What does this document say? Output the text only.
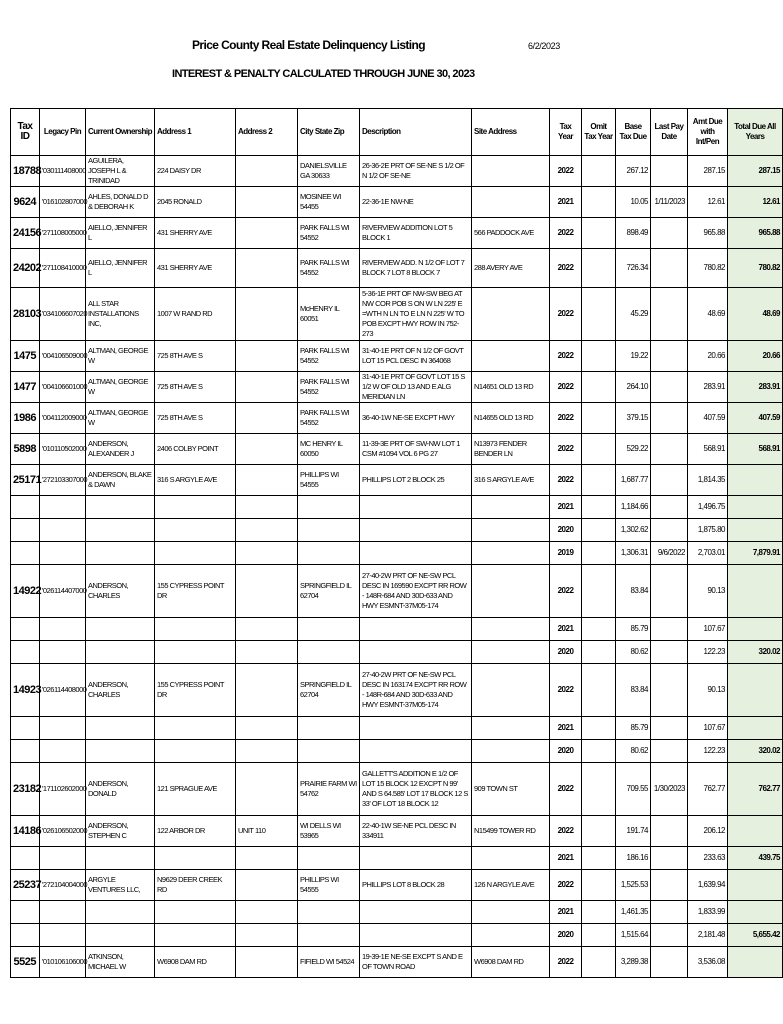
Price County Real Estate Delinquency Listing	6/2/2023
INTEREST & PENALTY CALCULATED THROUGH JUNE 30, 2023
Tax ID	Legacy Pin	Current Ownership	Address 1	Address 2	City State Zip	Description	Site Address	Tax Year	Omit Tax Year	Base Tax Due	Last Pay Date	Amt Due with Int/Pen	Total Due All Years
18788	'030111408000	AGUILERA, JOSEPH L & TRINIDAD	224 DAISY DR		DANIELSVILLE GA 30633	26-36-2E PRT OF SE-NE S 1/2 OF N 1/2 OF SE-NE		2022		267.12		287.15	287.15
9624	'016102807000	AHLES, DONALD D & DEBORAH K	2045 RONALD		MOSINEE WI 54455	22-36-1E NW-NE		2021		10.05	1/11/2023	12.61	12.61
24156	'271108005000	AIELLO, JENNIFER L	431 SHERRY AVE		PARK FALLS WI 54552	RIVERVIEW ADDITION LOT 5 BLOCK 1	566 PADDOCK AVE	2022		898.49		965.88	965.88
24202	'271108410000	AIELLO, JENNIFER L	431 SHERRY AVE		PARK FALLS WI 54552	RIVERVIEW ADD. N 1/2 OF LOT 7 BLOCK 7 LOT 8 BLOCK 7	288 AVERY AVE	2022		726.34		780.82	780.82
28103	'034106607020	ALL STAR INSTALLATIONS INC,	1007 W RAND RD		McHENRY IL 60051	5-36-1E PRT OF NW-SW BEG AT NW COR POB S ON W LN 225' E =WTH N LN TO E LN N 225' W TO POB EXCPT HWY ROW IN 752-273		2022		45.29		48.69	48.69
1475	'004106509000	ALTMAN, GEORGE W	725 8TH AVE S		PARK FALLS WI 54552	31-40-1E PRT OF N 1/2 OF GOVT LOT 15 PCL DESC IN 364068		2022		19.22		20.66	20.66
1477	'004106601000	ALTMAN, GEORGE W	725 8TH AVE S		PARK FALLS WI 54552	31-40-1E PRT OF GOVT LOT 15 S 1/2 W OF OLD 13 AND E ALG MERIDIAN LN	N14651 OLD 13 RD	2022		264.10		283.91	283.91
1986	'004112009000	ALTMAN, GEORGE W	725 8TH AVE S		PARK FALLS WI 54552	36-40-1W NE-SE EXCPT HWY	N14655 OLD 13 RD	2022		379.15		407.59	407.59
5898	'010110502000	ANDERSON, ALEXANDER J	2406 COLBY POINT		MC HENRY IL 60050	11-39-3E PRT OF SW-NW LOT 1 CSM #1094 VOL 6 PG 27	N13973 FENDER BENDER LN	2022		529.22		568.91	568.91
25171	'272103307000	ANDERSON, BLAKE & DAWN	316 S ARGYLE AVE		PHILLIPS WI 54555	PHILLIPS LOT 2 BLOCK 25	316 S ARGYLE AVE	2022		1,687.77		1,814.35	
								2021		1,184.66		1,496.75	
								2020		1,302.62		1,875.80	
								2019		1,306.31	9/6/2022	2,703.01	7,879.91
14922	'026114407000	ANDERSON, CHARLES	155 CYPRESS POINT DR		SPRINGFIELD IL 62704	27-40-2W PRT OF NE-SW PCL DESC IN 169590 EXCPT RR ROW - 148R-684 AND 30D-633 AND HWY ESMNT-37M05-174		2022		83.84		90.13	
								2021		85.79		107.67	
								2020		80.62		122.23	320.02
14923	'026114408000	ANDERSON, CHARLES	155 CYPRESS POINT DR		SPRINGFIELD IL 62704	27-40-2W PRT OF NE-SW PCL DESC IN 163174 EXCPT RR ROW - 148R-684 AND 30D-633 AND HWY ESMNT-37M05-174		2022		83.84		90.13	
								2021		85.79		107.67	
								2020		80.62		122.23	320.02
23182	'171102602000	ANDERSON, DONALD	121 SPRAGUE AVE		PRAIRIE FARM WI 54762	GALLETT'S ADDITION E 1/2 OF LOT 15 BLOCK 12 EXCPT N 99' AND S 64.585' LOT 17 BLOCK 12 S 33' OF LOT 18 BLOCK 12	909 TOWN ST	2022		709.55	1/30/2023	762.77	762.77
14186	'026106502000	ANDERSON, STEPHEN C	122 ARBOR DR	UNIT 110	WI DELLS WI 53965	22-40-1W SE-NE PCL DESC IN 334911	N15499 TOWER RD	2022		191.74		206.12	
								2021		186.16		233.63	439.75
25237	'272104004000	ARGYLE VENTURES LLC,	N9629 DEER CREEK RD		PHILLIPS WI 54555	PHILLIPS LOT 8 BLOCK 28	126 N ARGYLE AVE	2022		1,525.53		1,639.94	
								2021		1,461.35		1,833.99	
								2020		1,515.64		2,181.48	5,655.42
5525	'010106106000	ATKINSON, MICHAEL W	W6908 DAM RD		FIFIELD WI 54524	19-39-1E NE-SE EXCPT S AND E OF TOWN ROAD	W6908 DAM RD	2022		3,289.38		3,536.08	
